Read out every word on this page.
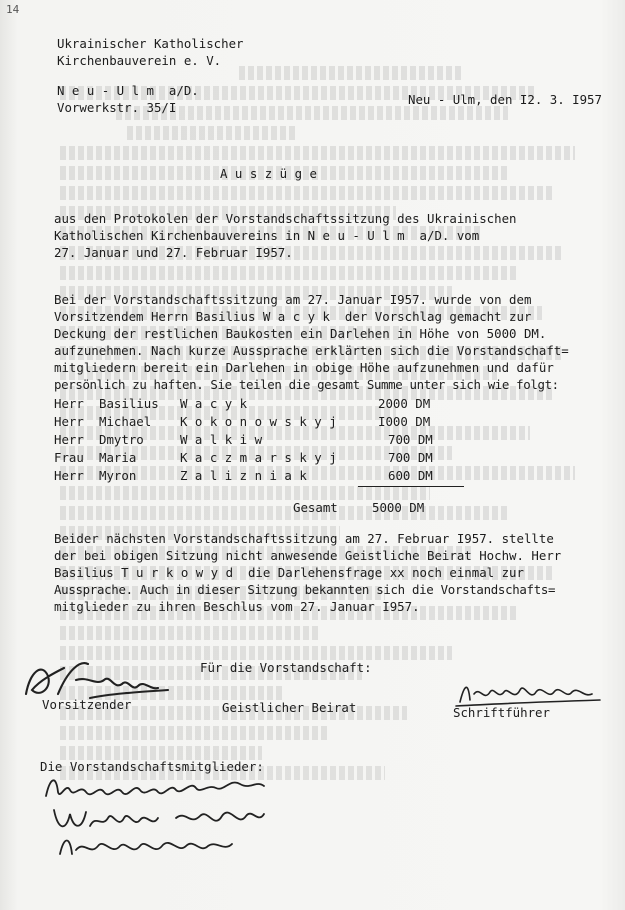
14
Ukrainischer Katholischer
Kirchenbauverein e. V.
N e u - U l m  a/D.
Vorwerkstr. 35/I
Neu - Ulm, den I2. 3. I957
A u s z ü g e
aus den Protokolen der Vorstandschaftssitzung des Ukrainischen
Katholischen Kirchenbauvereins in N e u - U l m  a/D. vom
27. Januar und 27. Februar I957.
Bei der Vorstandschaftssitzung am 27. Januar I957. wurde von dem
Vorsitzendem Herrn Basilius W a c y k  der Vorschlag gemacht zur
Deckung der restlichen Baukosten ein Darlehen in Höhe von 5000 DM.
aufzunehmen. Nach kurze Aussprache erklärten sich die Vorstandschaft=
mitgliedern bereit ein Darlehen in obige Höhe aufzunehmen und dafür
persönlich zu haften. Sie teilen die gesamt Summe unter sich wie folgt:
Herr Basilius W a c y k	2000 DM
Herr Michael K o k o n o w s k y j	I000 DM
Herr Dmytro	W a l k i w	700 DM
Frau Maria	K a c z m a r s k y j	700 DM
Herr Myron	Z a l i z n i a k	600 DM
Gesamt	5000 DM
Beider nächsten Vorstandschaftssitzung am 27. Februar I957. stellte
der bei obigen Sitzung nicht anwesende Geistliche Beirat Hochw. Herr
Basilius T u r k o w y d  die Darlehensfrage xx noch einmal zur
Aussprache. Auch in dieser Sitzung bekannten sich die Vorstandschafts=
mitglieder zu ihren Beschlus vom 27. Januar I957.
Für die Vorstandschaft:
Vorsitzender	Geistlicher Beirat	Schriftführer
Die Vorstandschaftsmitglieder:
